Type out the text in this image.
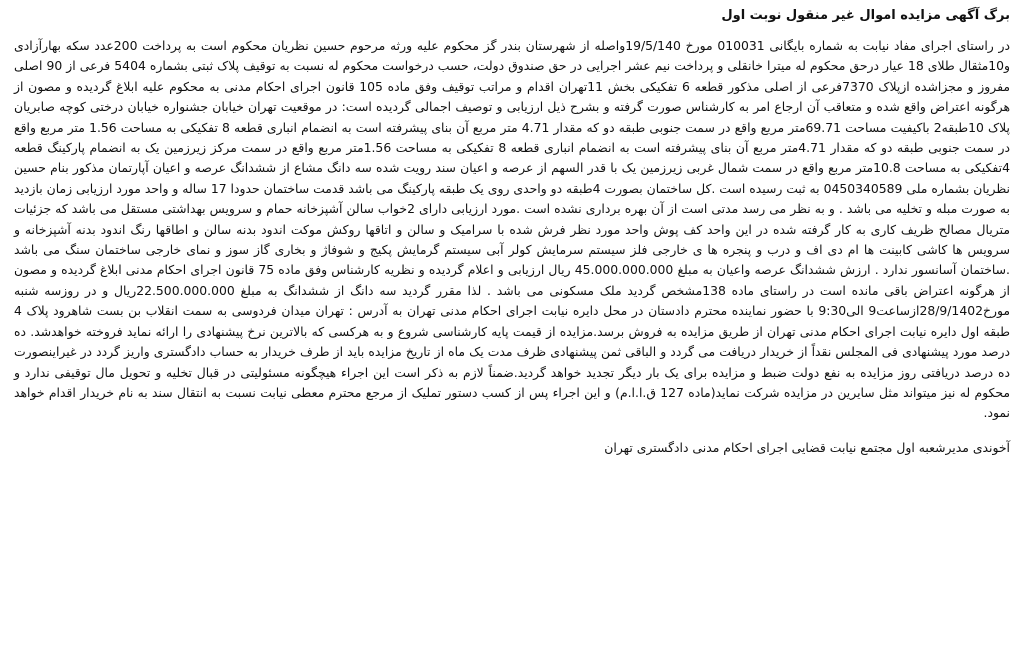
برگ آگهی مزایده اموال غیر منقول نوبت اول

در راستای اجرای مفاد نیابت به شماره بایگانی 010031 مورخ 19/5/140واصله از شهرستان بندر گز محکوم علیه ورثه مرحوم حسین نظریان محکوم است به پرداخت 200عدد سکه بهارآزادی و10مثقال طلای 18 عیار درحق محکوم له میترا خانقلی و پرداخت نیم عشر اجرایی در حق صندوق دولت، حسب درخواست محکوم له نسبت به توقیف پلاک ثبتی بشماره 5404 فرعی از 90 اصلی مفروز و مجزاشده ازپلاک 7370فرعی از اصلی مذکور قطعه 6 تفکیکی بخش 11تهران اقدام و مراتب توقیف وفق ماده 105 قانون اجرای احکام مدنی به محکوم علیه ابلاغ گردیده و مصون از هرگونه اعتراض واقع شده و متعاقب آن ارجاع امر به کارشناس صورت گرفته و بشرح ذیل ارزیابی و توصیف اجمالی گردیده است: در موقعیت تهران خیابان جشنواره خیابان درختی کوچه صابریان پلاک 10طبقه2 باکیفیت مساحت 69.71متر مربع واقع در سمت جنوبی طبقه دو که مقدار 4.71 متر مربع آن بنای پیشرفته است به انضمام انباری قطعه 8 تفکیکی به مساحت 1.56 متر مربع واقع در سمت جنوبی طبقه دو که مقدار 4.71متر مربع آن بنای پیشرفته است به انضمام انباری قطعه 8 تفکیکی به مساحت 1.56متر مربع واقع در سمت مرکز زیرزمین یک به انضمام پارکینگ قطعه 4تفکیکی به مساحت 10.8متر مربع واقع در سمت شمال غربی زیرزمین یک با قدر السهم از عرصه و اعیان سند رویت شده سه دانگ مشاع از ششدانگ عرصه و اعیان آپارتمان مذکور بنام حسین نظریان بشماره ملی 0450340589 به ثبت رسیده است .کل ساختمان بصورت 4طبقه دو واحدی روی یک طبقه پارکینگ می باشد قدمت ساختمان حدودا 17 ساله و واحد مورد ارزیابی زمان بازدید به صورت مبله و تخلیه می باشد . و به نظر می رسد مدتی است از آن بهره برداری نشده است .مورد ارزیابی دارای 2خواب سالن آشپزخانه حمام و سرویس بهداشتی مستقل می باشد که جزئیات متریال مصالح ظریف کاری به کار گرفته شده در این واحد کف پوش واحد مورد نظر فرش شده با سرامیک و سالن و اتاقها روکش موکت اندود بدنه سالن و اطاقها رنگ اندود بدنه آشپزخانه و سرویس ها کاشی کابینت ها ام دی اف و درب و پنجره ها ی خارجی فلز سیستم سرمایش کولر آبی سیستم گرمایش پکیج و شوفاژ و بخاری گاز سوز و نمای خارجی ساختمان سنگ می باشد .ساختمان آسانسور ندارد . ارزش ششدانگ عرصه واعیان به مبلغ 45.000.000.000 ریال ارزیابی و اعلام گردیده و نظریه کارشناس وفق ماده 75 قانون اجرای احکام مدنی ابلاغ گردیده و مصون از هرگونه اعتراض باقی مانده است در راستای ماده 138مشخص گردید ملک مسکونی می باشد . لذا مقرر گردید سه دانگ از ششدانگ به مبلغ 22.500.000.000ریال و در روزسه شنبه مورخ28/9/1402ازساعت9 الی9:30 با حضور نماینده محترم دادستان در محل دایره نیابت اجرای احکام مدنی تهران به آدرس : تهران میدان فردوسی به سمت انقلاب بن بست شاهرود پلاک 4 طبقه اول دایره نیابت اجرای احکام مدنی تهران از طریق مزایده به فروش برسد.مزایده از قیمت پایه کارشناسی شروع و به هرکسی که بالاترین نرخ پیشنهادی را ارائه نماید فروخته خواهدشد. ده درصد مورد پیشنهادی فی المجلس نقداً از خریدار دریافت می گردد و الباقی ثمن پیشنهادی ظرف مدت یک ماه از تاریخ مزایده باید از طرف خریدار به حساب دادگستری واریز گردد در غیراینصورت ده درصد دریافتی روز مزایده به نفع دولت ضبط و مزایده برای یک بار دیگر تجدید خواهد گردید.ضمناً لازم به ذکر است این اجراء هیچگونه مسئولیتی در قبال تخلیه و تحویل مال توقیفی ندارد و محکوم له نیز میتواند مثل سایرین در مزایده شرکت نماید(ماده 127 ق.ا.ا.م) و این اجراء پس از کسب دستور تملیک از مرجع محترم معطی نیابت نسبت به انتقال سند به نام خریدار اقدام خواهد نمود.

آخوندی مدیرشعبه اول مجتمع نیابت قضایی اجرای احکام مدنی دادگستری تهران
